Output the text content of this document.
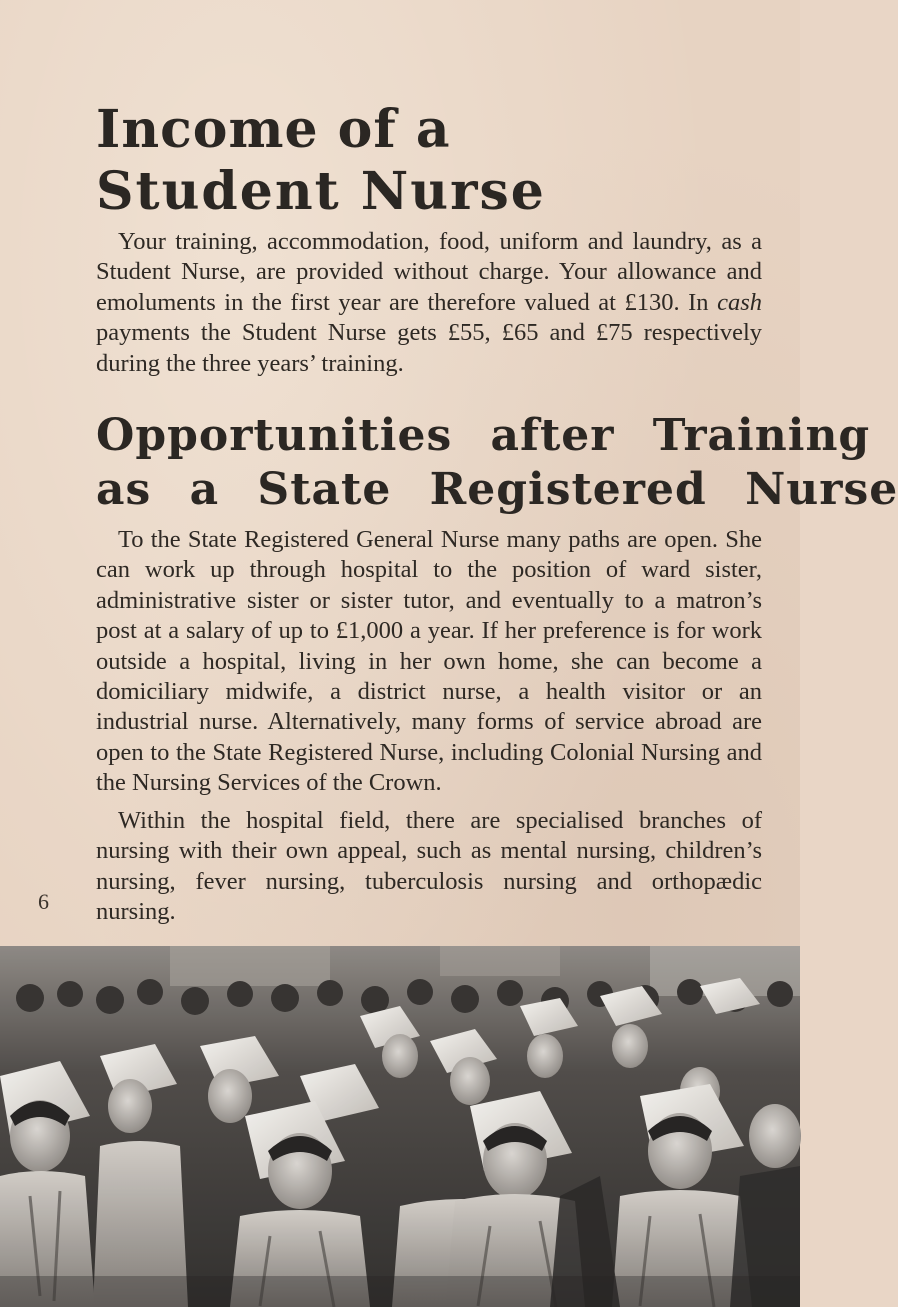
Income of a
Student Nurse

Your training, accommodation, food, uniform and laundry, as a Student Nurse, are provided without charge. Your allowance and emoluments in the first year are therefore valued at £130. In cash payments the Student Nurse gets £55, £65 and £75 respectively during the three years’ training.

Opportunities after Training
as a State Registered Nurse

To the State Registered General Nurse many paths are open. She can work up through hospital to the position of ward sister, administrative sister or sister tutor, and eventually to a matron’s post at a salary of up to £1,000 a year. If her preference is for work outside a hospital, living in her own home, she can become a domiciliary midwife, a district nurse, a health visitor or an industrial nurse. Alternatively, many forms of service abroad are open to the State Registered Nurse, including Colonial Nursing and the Nursing Services of the Crown.

Within the hospital field, there are specialised branches of nursing with their own appeal, such as mental nursing, children’s nursing, fever nursing, tuberculosis nursing and orthopædic nursing.

6
